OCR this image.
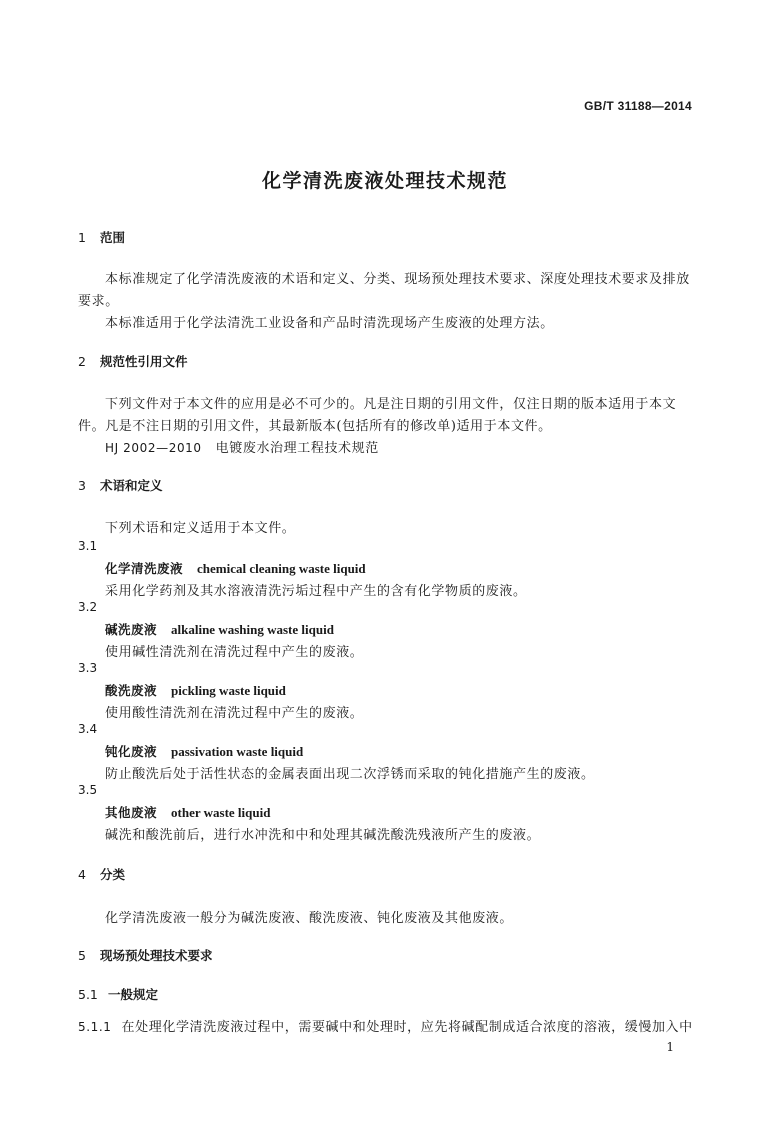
GB/T 31188—2014
化学清洗废液处理技术规范
1 范围
本标准规定了化学清洗废液的术语和定义、分类、现场预处理技术要求、深度处理技术要求及排放
要求。
本标准适用于化学法清洗工业设备和产品时清洗现场产生废液的处理方法。
2 规范性引用文件
下列文件对于本文件的应用是必不可少的。凡是注日期的引用文件，仅注日期的版本适用于本文
件。凡是不注日期的引用文件，其最新版本(包括所有的修改单)适用于本文件。
HJ 2002—2010 电镀废水治理工程技术规范
3 术语和定义
下列术语和定义适用于本文件。
3.1
化学清洗废液 chemical cleaning waste liquid
采用化学药剂及其水溶液清洗污垢过程中产生的含有化学物质的废液。
3.2
碱洗废液 alkaline washing waste liquid
使用碱性清洗剂在清洗过程中产生的废液。
3.3
酸洗废液 pickling waste liquid
使用酸性清洗剂在清洗过程中产生的废液。
3.4
钝化废液 passivation waste liquid
防止酸洗后处于活性状态的金属表面出现二次浮锈而采取的钝化措施产生的废液。
3.5
其他废液 other waste liquid
碱洗和酸洗前后，进行水冲洗和中和处理其碱洗酸洗残液所产生的废液。
4 分类
化学清洗废液一般分为碱洗废液、酸洗废液、钝化废液及其他废液。
5 现场预处理技术要求
5.1 一般规定
5.1.1 在处理化学清洗废液过程中，需要碱中和处理时，应先将碱配制成适合浓度的溶液，缓慢加入中
1
